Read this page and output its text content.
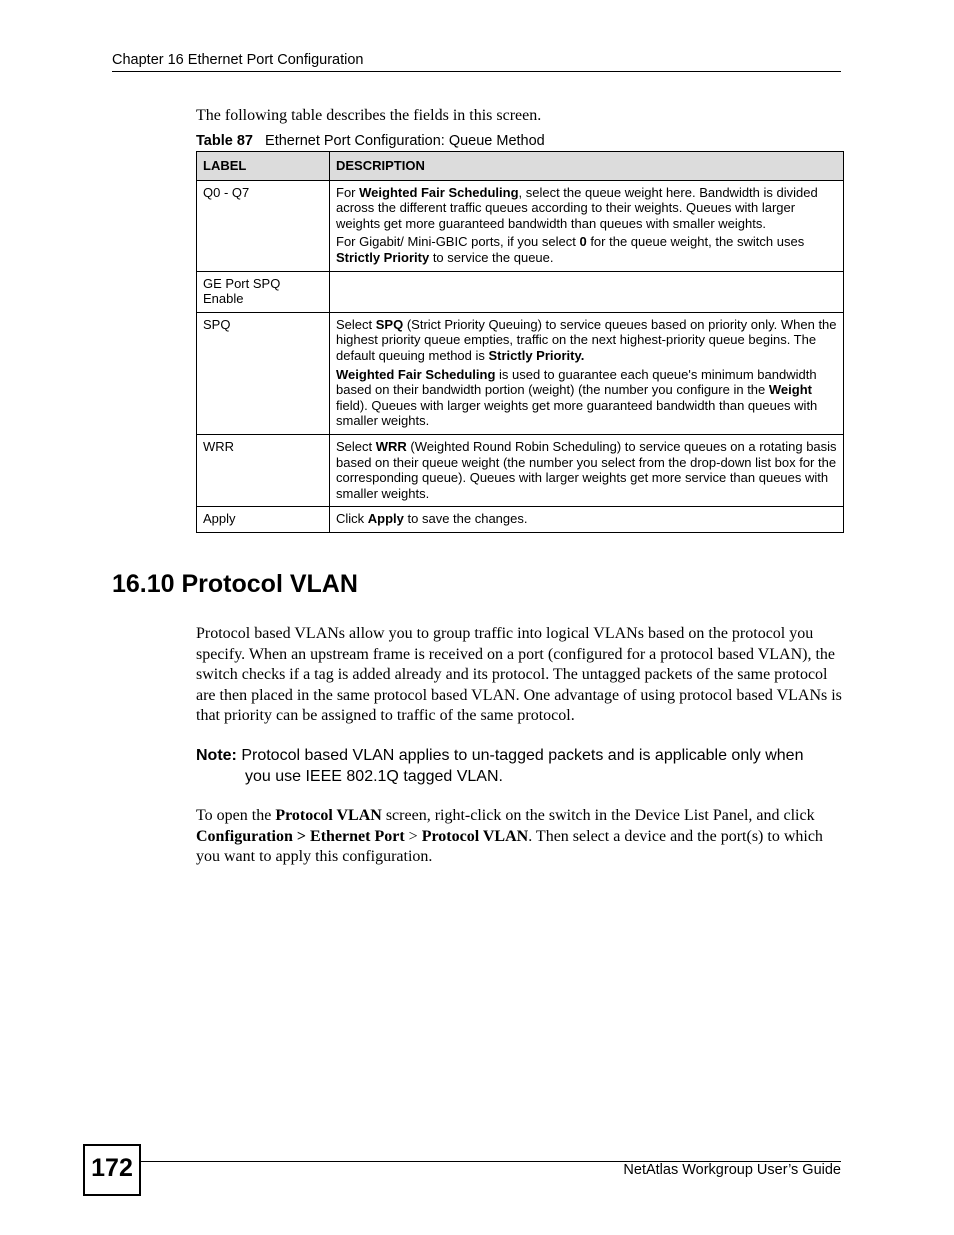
Chapter 16 Ethernet Port Configuration
The following table describes the fields in this screen.
Table 87 Ethernet Port Configuration: Queue Method
LABEL	DESCRIPTION
Q0 - Q7	For Weighted Fair Scheduling, select the queue weight here. Bandwidth is divided across the different traffic queues according to their weights. Queues with larger weights get more guaranteed bandwidth than queues with smaller weights.

For Gigabit/ Mini-GBIC ports, if you select 0 for the queue weight, the switch uses Strictly Priority to service the queue.

GE Port SPQ Enable	
SPQ	Select SPQ (Strict Priority Queuing) to service queues based on priority only. When the highest priority queue empties, traffic on the next highest-priority queue begins. The default queuing method is Strictly Priority.

Weighted Fair Scheduling is used to guarantee each queue's minimum bandwidth based on their bandwidth portion (weight) (the number you configure in the Weight field). Queues with larger weights get more guaranteed bandwidth than queues with smaller weights.

WRR	Select WRR (Weighted Round Robin Scheduling) to service queues on a rotating basis based on their queue weight (the number you select from the drop-down list box for the corresponding queue). Queues with larger weights get more service than queues with smaller weights.

Apply	Click Apply to save the changes.

16.10 Protocol VLAN
Protocol based VLANs allow you to group traffic into logical VLANs based on the protocol you specify. When an upstream frame is received on a port (configured for a protocol based VLAN), the switch checks if a tag is added already and its protocol. The untagged packets of the same protocol are then placed in the same protocol based VLAN. One advantage of using protocol based VLANs is that priority can be assigned to traffic of the same protocol.
Note: Protocol based VLAN applies to un-tagged packets and is applicable only when
you use IEEE 802.1Q tagged VLAN.
To open the Protocol VLAN screen, right-click on the switch in the Device List Panel, and click Configuration > Ethernet Port > Protocol VLAN. Then select a device and the port(s) to which you want to apply this configuration.
172	NetAtlas Workgroup User’s Guide
